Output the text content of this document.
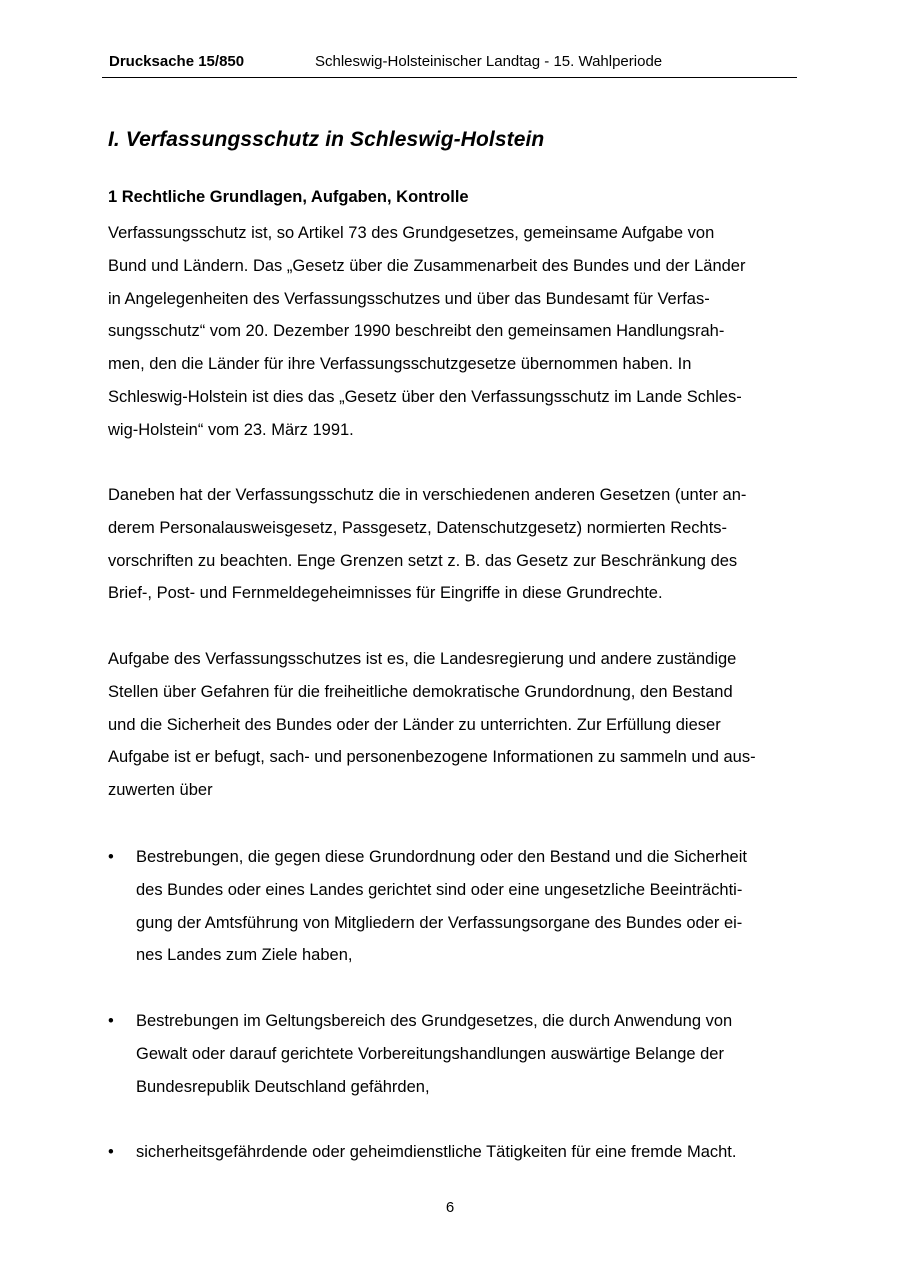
Drucksache 15/850	Schleswig-Holsteinischer Landtag - 15. Wahlperiode
I. Verfassungsschutz in Schleswig-Holstein
1 Rechtliche Grundlagen, Aufgaben, Kontrolle

Verfassungsschutz ist, so Artikel 73 des Grundgesetzes, gemeinsame Aufgabe von
Bund und Ländern. Das „Gesetz über die Zusammenarbeit des Bundes und der Länder
in Angelegenheiten des Verfassungsschutzes und über das Bundesamt für Verfas-
sungsschutz“ vom 20. Dezember 1990 beschreibt den gemeinsamen Handlungsrah-
men, den die Länder für ihre Verfassungsschutzgesetze übernommen haben. In
Schleswig-Holstein ist dies das „Gesetz über den Verfassungsschutz im Lande Schles-
wig-Holstein“ vom 23. März 1991.

Daneben hat der Verfassungsschutz die in verschiedenen anderen Gesetzen (unter an-
derem Personalausweisgesetz, Passgesetz, Datenschutzgesetz) normierten Rechts-
vorschriften zu beachten. Enge Grenzen setzt z. B. das Gesetz zur Beschränkung des
Brief-, Post- und Fernmeldegeheimnisses für Eingriffe in diese Grundrechte.

Aufgabe des Verfassungsschutzes ist es, die Landesregierung und andere zuständige
Stellen über Gefahren für die freiheitliche demokratische Grundordnung, den Bestand
und die Sicherheit des Bundes oder der Länder zu unterrichten. Zur Erfüllung dieser
Aufgabe ist er befugt, sach- und personenbezogene Informationen zu sammeln und aus-
zuwerten über

• Bestrebungen, die gegen diese Grundordnung oder den Bestand und die Sicherheit
des Bundes oder eines Landes gerichtet sind oder eine ungesetzliche Beeinträchti-
gung der Amtsführung von Mitgliedern der Verfassungsorgane des Bundes oder ei-
nes Landes zum Ziele haben,
• Bestrebungen im Geltungsbereich des Grundgesetzes, die durch Anwendung von
Gewalt oder darauf gerichtete Vorbereitungshandlungen auswärtige Belange der
Bundesrepublik Deutschland gefährden,
• sicherheitsgefährdende oder geheimdienstliche Tätigkeiten für eine fremde Macht.
6
